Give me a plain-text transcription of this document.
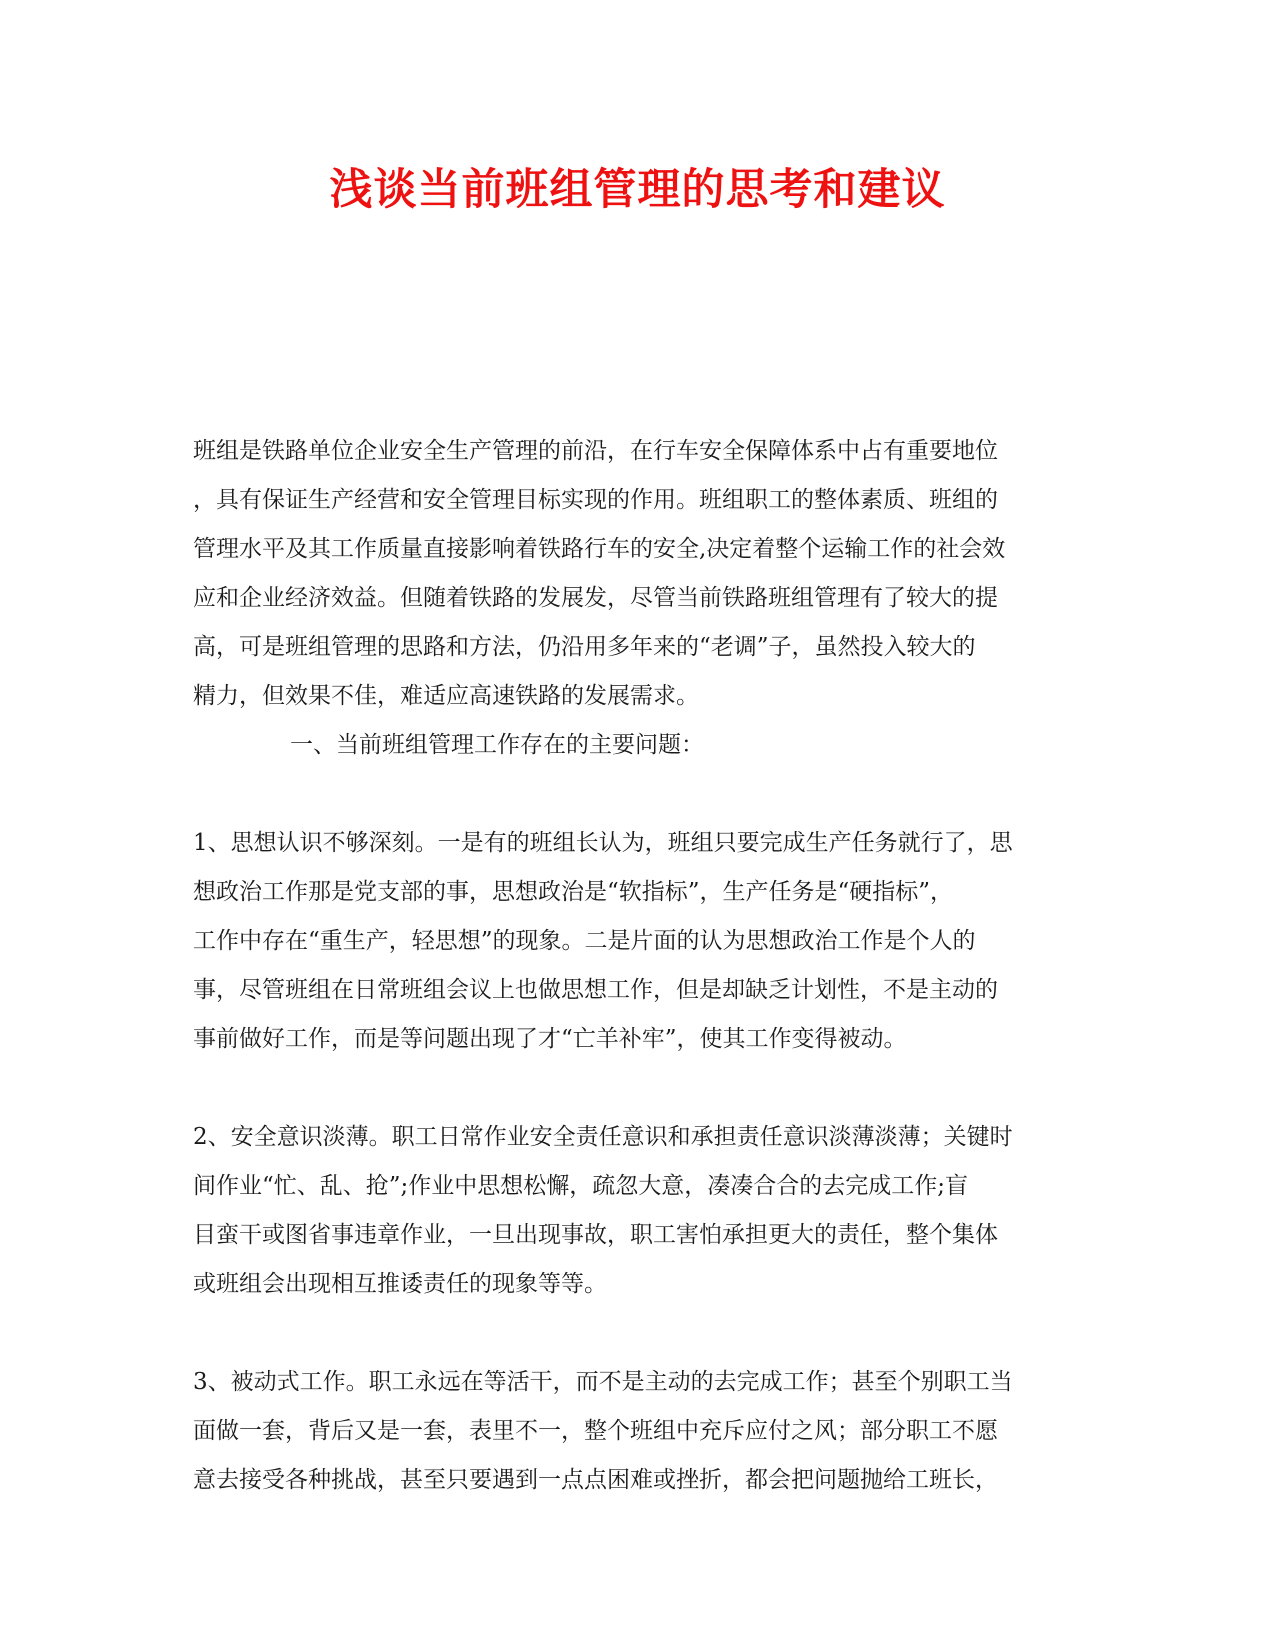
浅谈当前班组管理的思考和建议

班组是铁路单位企业安全生产管理的前沿，在行车安全保障体系中占有重要地位

，具有保证生产经营和安全管理目标实现的作用。班组职工的整体素质、班组的

管理水平及其工作质量直接影响着铁路行车的安全,决定着整个运输工作的社会效

应和企业经济效益。但随着铁路的发展发，尽管当前铁路班组管理有了较大的提

高，可是班组管理的思路和方法，仍沿用多年来的“老调”子，虽然投入较大的

精力，但效果不佳，难适应高速铁路的发展需求。

一、当前班组管理工作存在的主要问题：

1、思想认识不够深刻。一是有的班组长认为，班组只要完成生产任务就行了，思

想政治工作那是党支部的事，思想政治是“软指标”，生产任务是“硬指标”，

工作中存在“重生产，轻思想”的现象。二是片面的认为思想政治工作是个人的

事，尽管班组在日常班组会议上也做思想工作，但是却缺乏计划性，不是主动的

事前做好工作，而是等问题出现了才“亡羊补牢”，使其工作变得被动。

2、安全意识淡薄。职工日常作业安全责任意识和承担责任意识淡薄淡薄；关键时

间作业“忙、乱、抢”;作业中思想松懈，疏忽大意，凑凑合合的去完成工作;盲

目蛮干或图省事违章作业，一旦出现事故，职工害怕承担更大的责任，整个集体

或班组会出现相互推诿责任的现象等等。

3、被动式工作。职工永远在等活干，而不是主动的去完成工作；甚至个别职工当

面做一套，背后又是一套，表里不一，整个班组中充斥应付之风；部分职工不愿

意去接受各种挑战，甚至只要遇到一点点困难或挫折，都会把问题抛给工班长，
